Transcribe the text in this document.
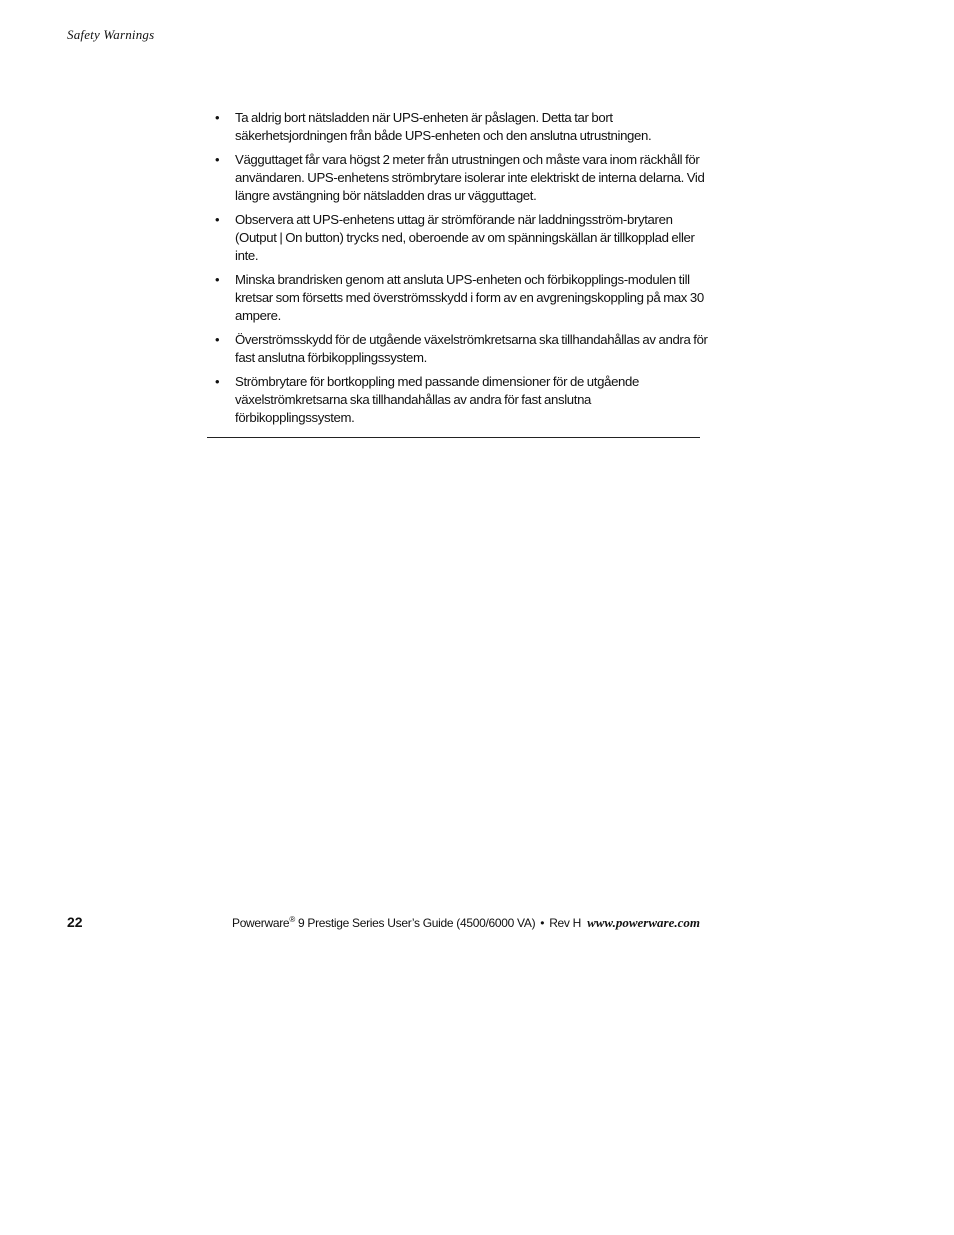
Safety Warnings
• Ta aldrig bort nätsladden när UPS-enheten är påslagen. Detta tar bort säkerhetsjordningen från både UPS-enheten och den anslutna utrustningen.
• Vägguttaget får vara högst 2 meter från utrustningen och måste vara inom räckhåll för användaren. UPS-enhetens strömbrytare isolerar inte elektriskt de interna delarna. Vid längre avstängning bör nätsladden dras ur vägguttaget.
• Observera att UPS-enhetens uttag är strömförande när laddningsström-brytaren (Output | On button) trycks ned, oberoende av om spänningskällan är tillkopplad eller inte.
• Minska brandrisken genom att ansluta UPS-enheten och förbikopplings-modulen till kretsar som försetts med överströmsskydd i form av en avgreningskoppling på max 30 ampere.
• Överströmsskydd för de utgående växelströmkretsarna ska tillhandahållas av andra för fast anslutna förbikopplingssystem.
• Strömbrytare för bortkoppling med passande dimensioner för de utgående växelströmkretsarna ska tillhandahållas av andra för fast anslutna förbikopplingssystem.
22	Powerware® 9 Prestige Series User’s Guide (4500/6000 VA) • Rev H www.powerware.com
